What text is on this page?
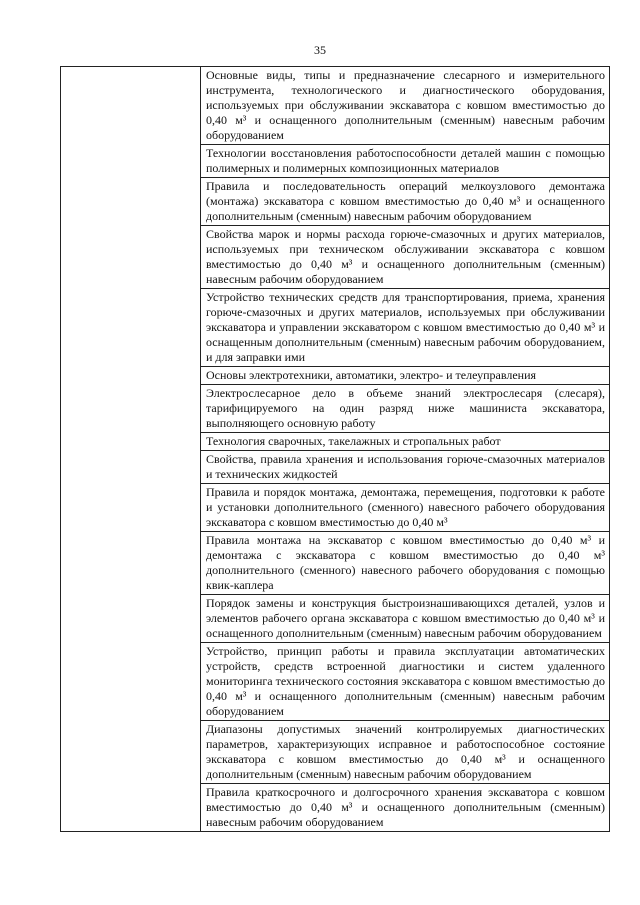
35
Основные виды, типы и предназначение слесарного и измерительного инструмента, технологического и диагностического оборудования, используемых при обслуживании экскаватора с ковшом вместимостью до 0,40 м³ и оснащенного дополнительным (сменным) навесным рабочим оборудованием
Технологии восстановления работоспособности деталей машин с помощью полимерных и полимерных композиционных материалов
Правила и последовательность операций мелкоузлового демонтажа (монтажа) экскаватора с ковшом вместимостью до 0,40 м³ и оснащенного дополнительным (сменным) навесным рабочим оборудованием
Свойства марок и нормы расхода горюче-смазочных и других материалов, используемых при техническом обслуживании экскаватора с ковшом вместимостью до 0,40 м³ и оснащенного дополнительным (сменным) навесным рабочим оборудованием
Устройство технических средств для транспортирования, приема, хранения горюче-смазочных и других материалов, используемых при обслуживании экскаватора и управлении экскаватором с ковшом вместимостью до 0,40 м³ и оснащенным дополнительным (сменным) навесным рабочим оборудованием, и для заправки ими
Основы электротехники, автоматики, электро- и телеуправления
Электрослесарное дело в объеме знаний электрослесаря (слесаря), тарифицируемого на один разряд ниже машиниста экскаватора, выполняющего основную работу
Технология сварочных, такелажных и стропальных работ
Свойства, правила хранения и использования горюче-смазочных материалов и технических жидкостей
Правила и порядок монтажа, демонтажа, перемещения, подготовки к работе и установки дополнительного (сменного) навесного рабочего оборудования экскаватора с ковшом вместимостью до 0,40 м³
Правила монтажа на экскаватор с ковшом вместимостью до 0,40 м³ и демонтажа с экскаватора с ковшом вместимостью до 0,40 м³ дополнительного (сменного) навесного рабочего оборудования с помощью квик-каплера
Порядок замены и конструкция быстроизнашивающихся деталей, узлов и элементов рабочего органа экскаватора с ковшом вместимостью до 0,40 м³ и оснащенного дополнительным (сменным) навесным рабочим оборудованием
Устройство, принцип работы и правила эксплуатации автоматических устройств, средств встроенной диагностики и систем удаленного мониторинга технического состояния экскаватора с ковшом вместимостью до 0,40 м³ и оснащенного дополнительным (сменным) навесным рабочим оборудованием
Диапазоны допустимых значений контролируемых диагностических параметров, характеризующих исправное и работоспособное состояние экскаватора с ковшом вместимостью до 0,40 м³ и оснащенного дополнительным (сменным) навесным рабочим оборудованием
Правила краткосрочного и долгосрочного хранения экскаватора с ковшом вместимостью до 0,40 м³ и оснащенного дополнительным (сменным) навесным рабочим оборудованием
